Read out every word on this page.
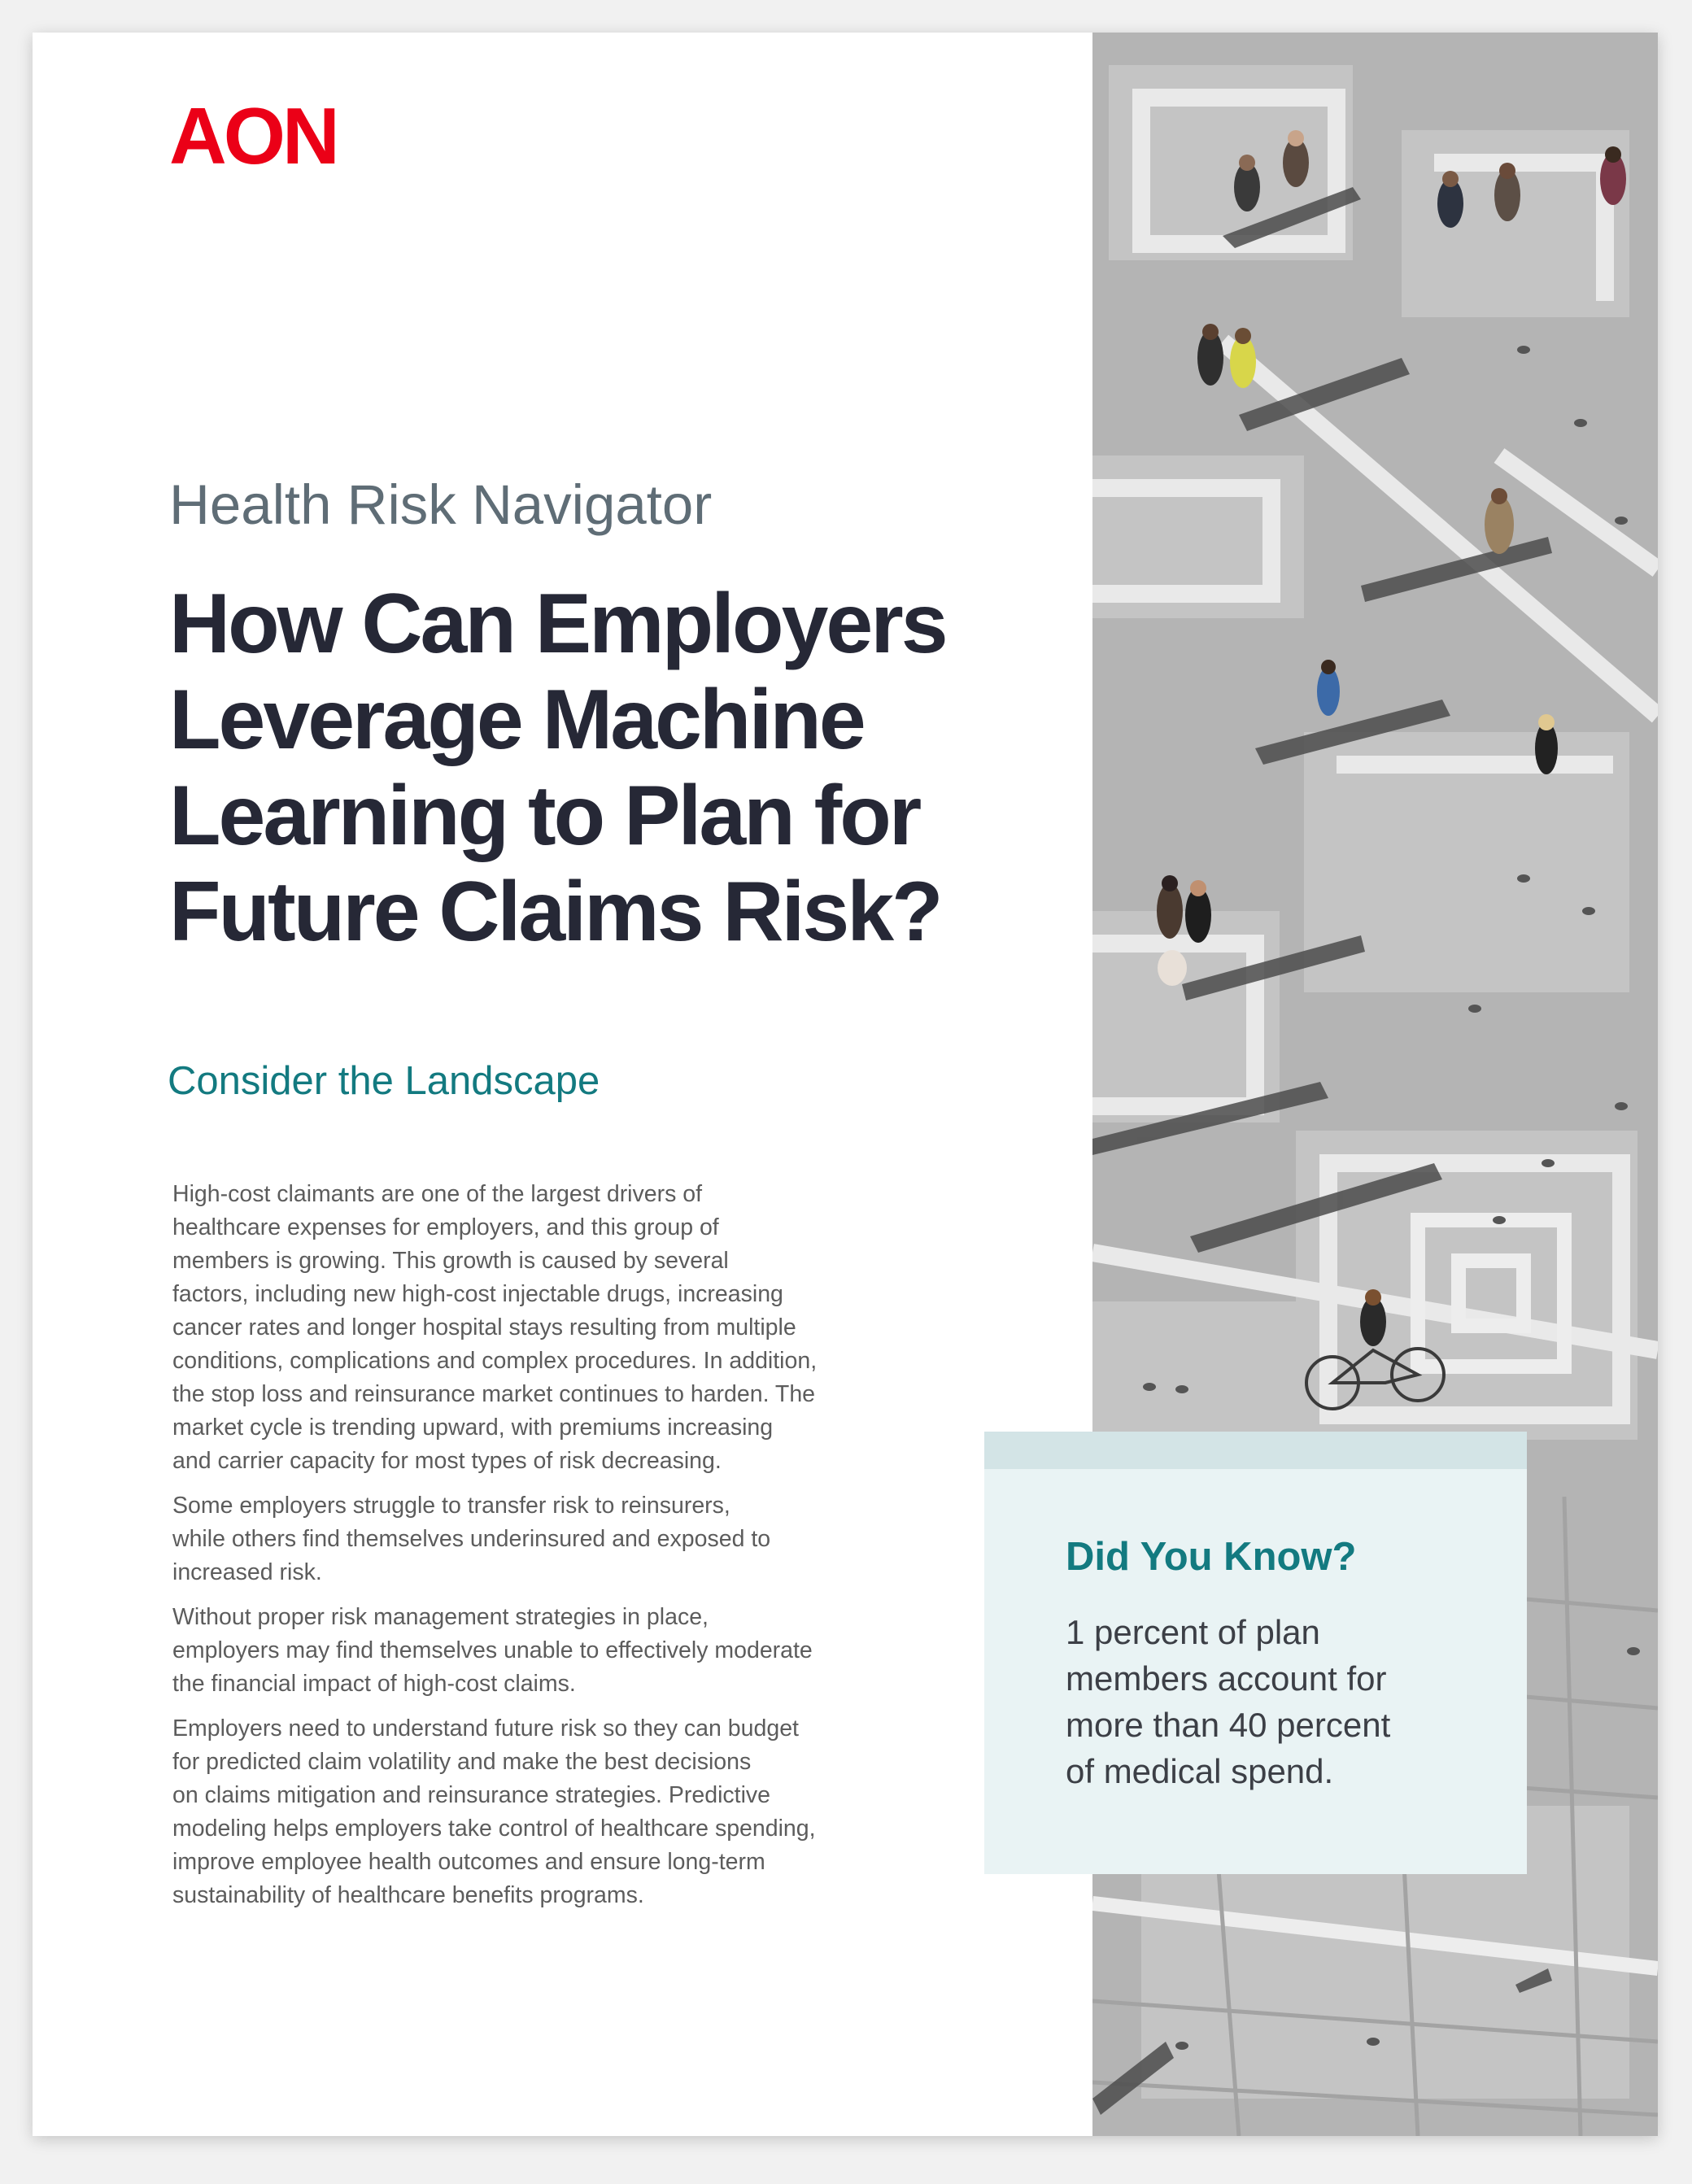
AON
Health Risk Navigator
How Can Employers
Leverage Machine
Learning to Plan for
Future Claims Risk?
Consider the Landscape
High-cost claimants are one of the largest drivers of
healthcare expenses for employers, and this group of
members is growing. This growth is caused by several
factors, including new high-cost injectable drugs, increasing
cancer rates and longer hospital stays resulting from multiple
conditions, complications and complex procedures. In addition,
the stop loss and reinsurance market continues to harden. The
market cycle is trending upward, with premiums increasing
and carrier capacity for most types of risk decreasing.
Some employers struggle to transfer risk to reinsurers,
while others find themselves underinsured and exposed to
increased risk.
Without proper risk management strategies in place,
employers may find themselves unable to effectively moderate
the financial impact of high-cost claims.
Employers need to understand future risk so they can budget
for predicted claim volatility and make the best decisions
on claims mitigation and reinsurance strategies. Predictive
modeling helps employers take control of healthcare spending,
improve employee health outcomes and ensure long-term
sustainability of healthcare benefits programs.
Did You Know?
1 percent of plan
members account for
more than 40 percent
of medical spend.
